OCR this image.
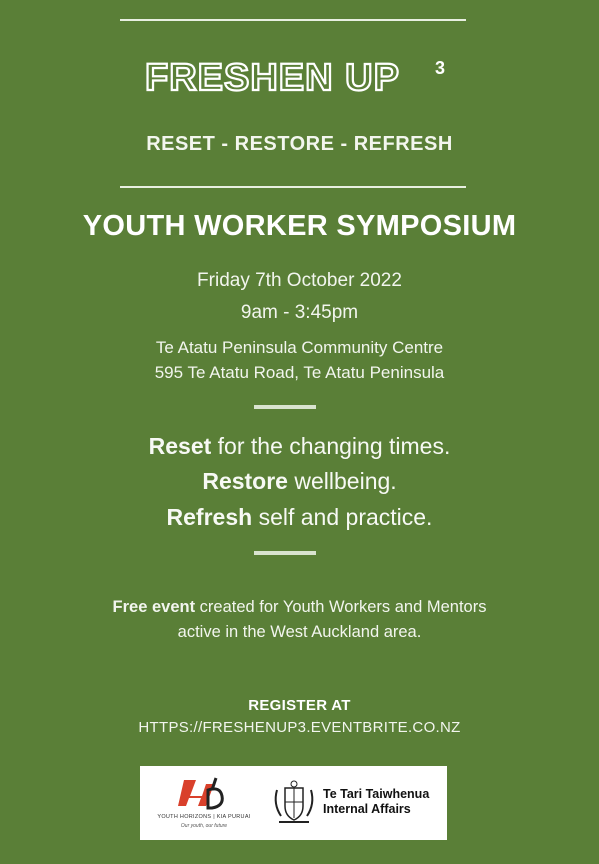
FRESHEN UP 3
RESET - RESTORE - REFRESH
YOUTH WORKER SYMPOSIUM
Friday 7th October 2022
9am - 3:45pm
Te Atatu Peninsula Community Centre
595 Te Atatu Road, Te Atatu Peninsula
Reset for the changing times.
Restore wellbeing.
Refresh self and practice.
Free event created for Youth Workers and Mentors
active in the West Auckland area.
REGISTER AT
HTTPS://FRESHENUP3.EVENTBRITE.CO.NZ
YOUTH HORIZONS | KIA PURUAI
Our youth, our future
Te Tari Taiwhenua
Internal Affairs
